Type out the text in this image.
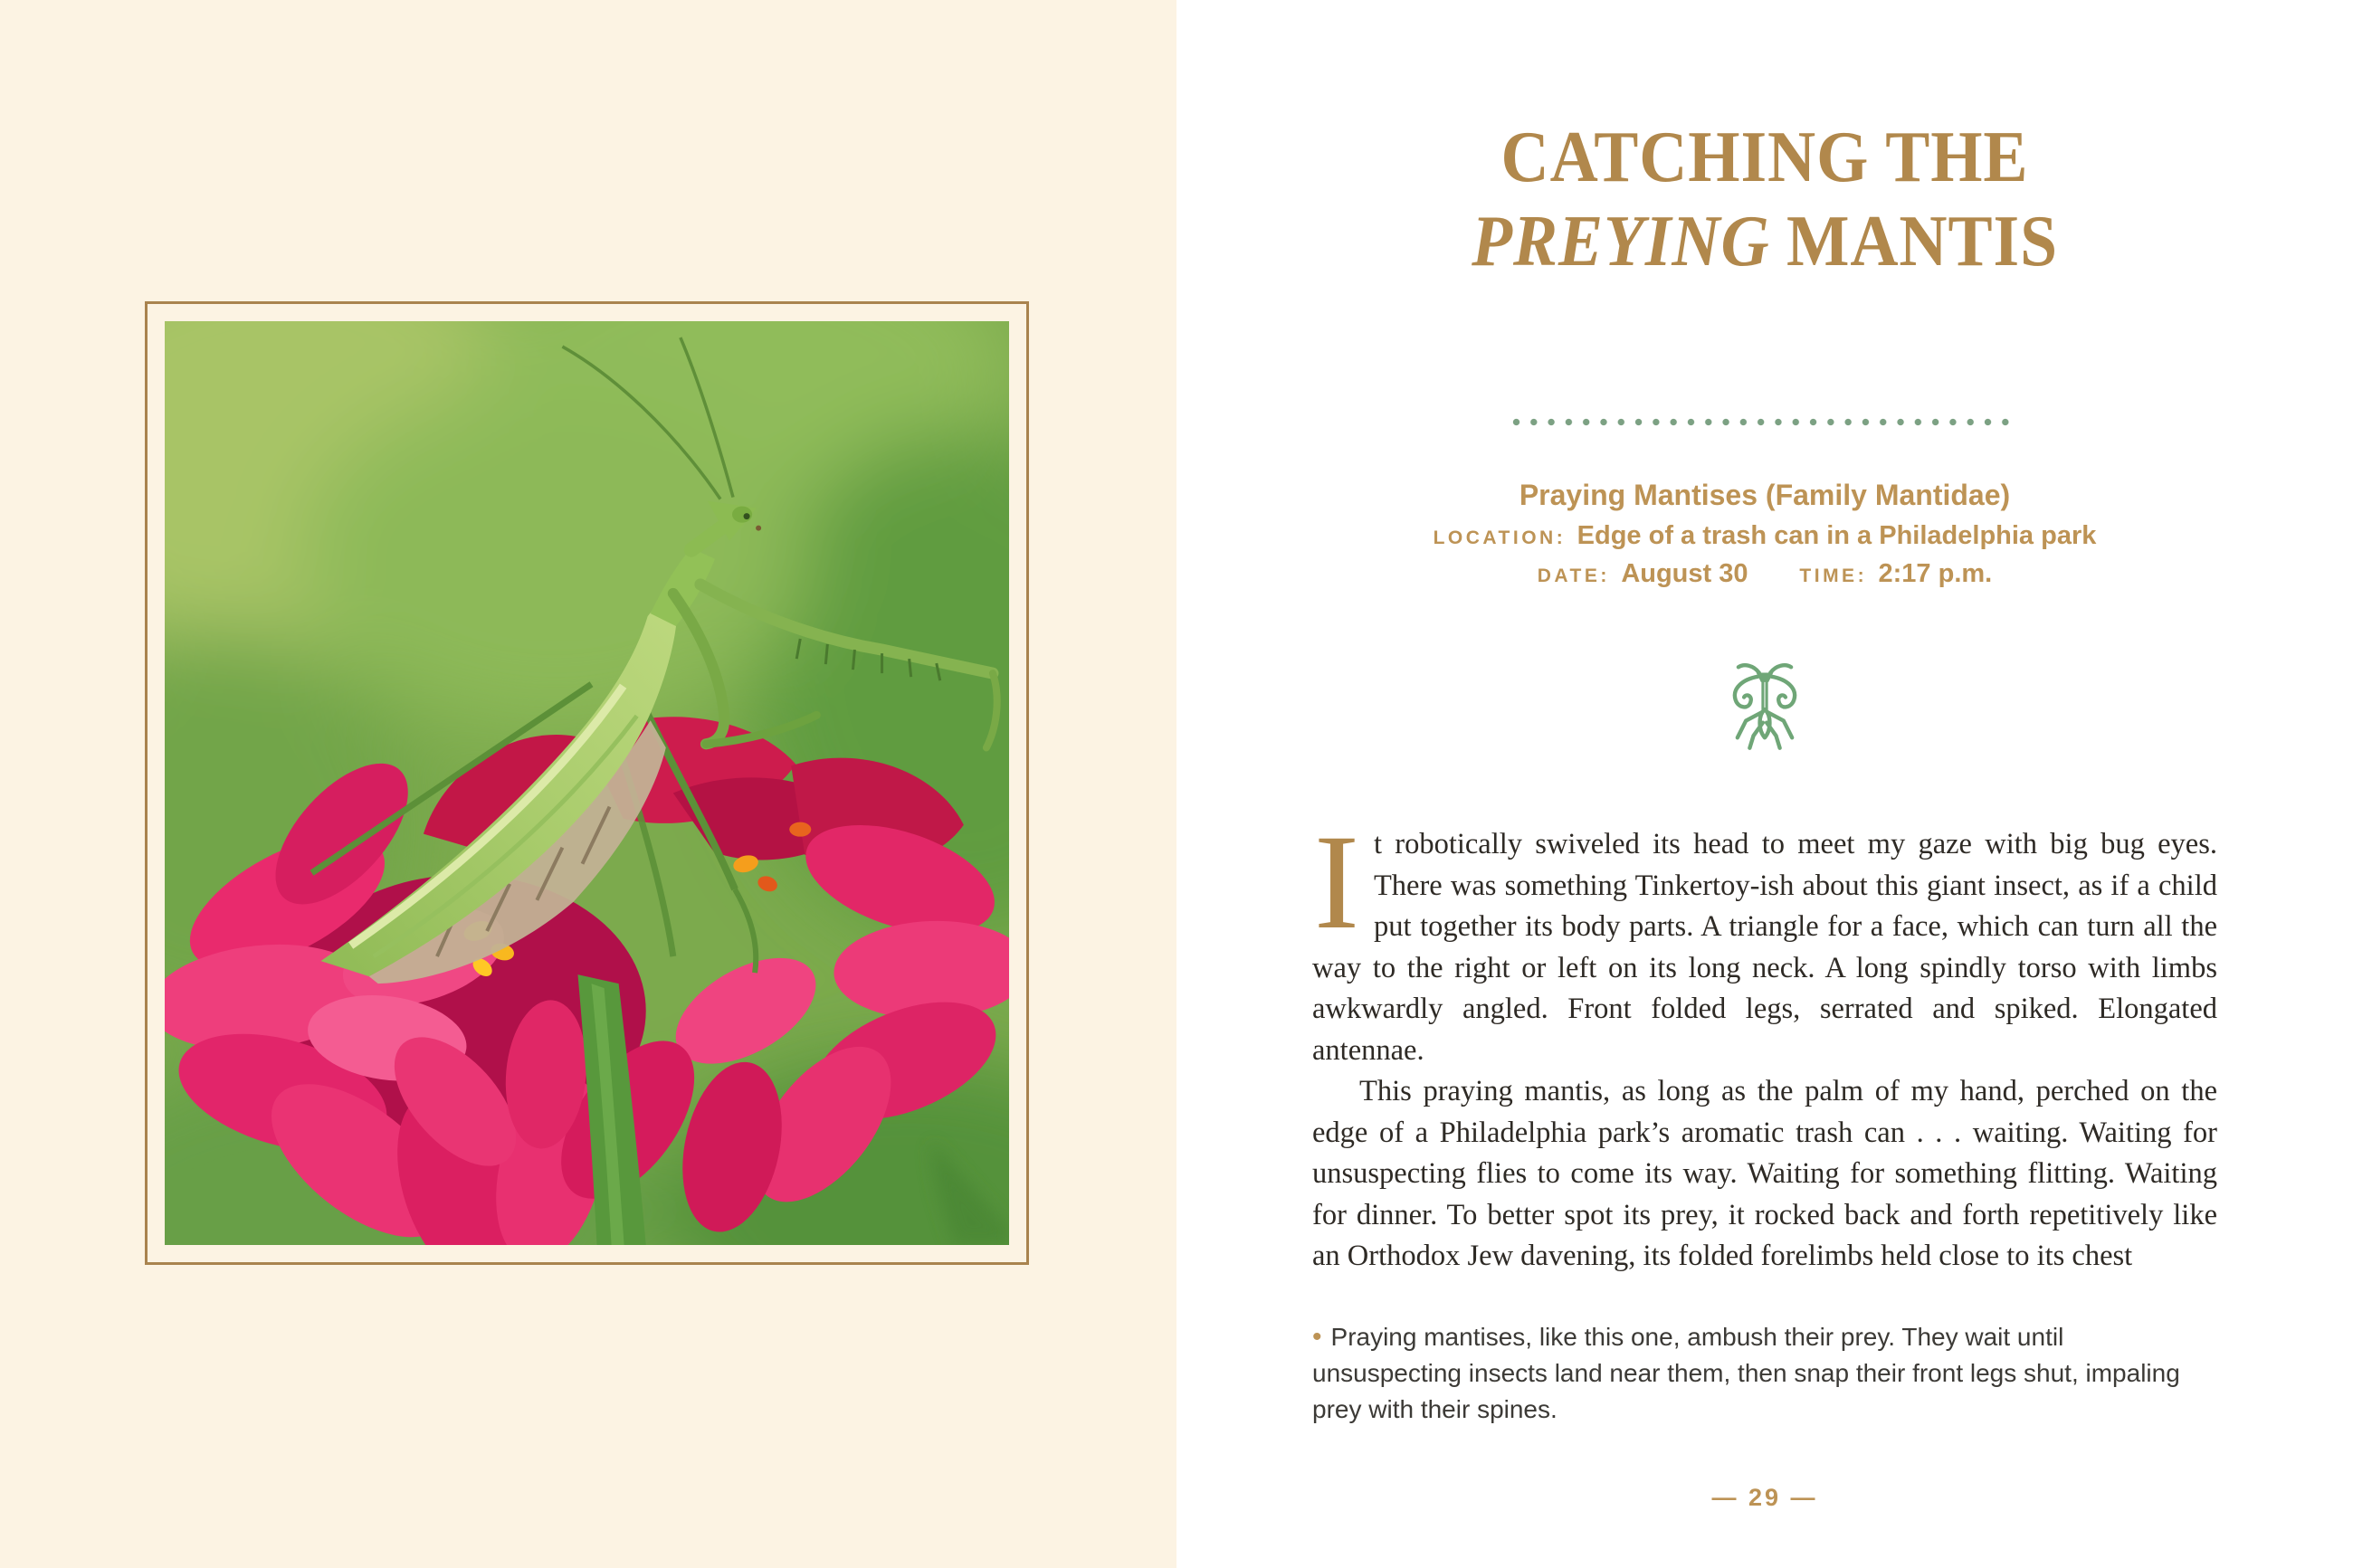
CATCHING THE
PREYING MANTIS
Praying Mantises (Family Mantidae)
LOCATION: Edge of a trash can in a Philadelphia park
DATE: August 30	TIME: 2:17 p.m.

It robotically swiveled its head to meet my gaze with big bug eyes. There was something Tinkertoy-ish about this giant insect, as if a child put together its body parts. A triangle for a face, which can turn all the way to the right or left on its long neck. A long spindly torso with limbs awkwardly angled. Front folded legs, serrated and spiked. Elongated antennae.

This praying mantis, as long as the palm of my hand, perched on the edge of a Philadelphia park’s aromatic trash can . . . waiting. Waiting for unsuspecting flies to come its way. Waiting for something flitting. Waiting for dinner. To better spot its prey, it rocked back and forth repetitively like an Orthodox Jew davening, its folded forelimbs held close to its chest

• Praying mantises, like this one, ambush their prey. They wait until unsuspecting insects land near them, then snap their front legs shut, impaling prey with their spines.

— 29 —
